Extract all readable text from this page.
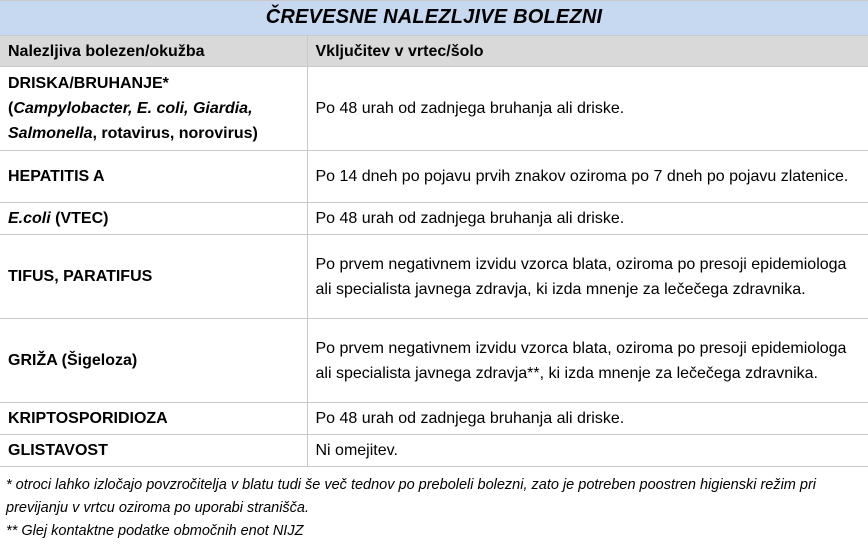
ČREVESNE NALEZLJIVE BOLEZNI	
Nalezljiva bolezen/okužba	Vključitev v vrtec/šolo
DRISKA/BRUHANJE*
(Campylobacter, E. coli, Giardia,
Salmonella, rotavirus, norovirus)	Po 48 urah od zadnjega bruhanja ali driske.
HEPATITIS A	Po 14 dneh po pojavu prvih znakov oziroma po 7 dneh po pojavu zlatenice.
E.coli (VTEC)	Po 48 urah od zadnjega bruhanja ali driske.
TIFUS, PARATIFUS	Po prvem negativnem izvidu vzorca blata, oziroma po presoji epidemiologa ali specialista javnega zdravja, ki izda mnenje za lečečega zdravnika.
GRIŽA (Šigeloza)	Po prvem negativnem izvidu vzorca blata, oziroma po presoji epidemiologa ali specialista javnega zdravja**, ki izda mnenje za lečečega zdravnika.
KRIPTOSPORIDIOZA	Po 48 urah od zadnjega bruhanja ali driske.
GLISTAVOST	Ni omejitev.

* otroci lahko izločajo povzročitelja v blatu tudi še več tednov po preboleli bolezni, zato je potreben poostren higienski režim pri previjanju v vrtcu oziroma po uporabi stranišča.

** Glej kontaktne podatke območnih enot NIJZ
